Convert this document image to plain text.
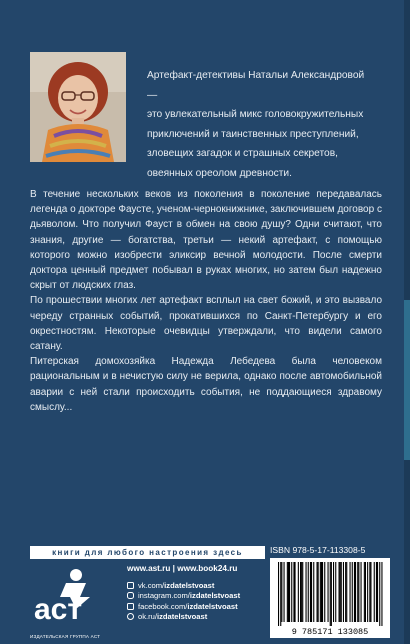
Артефакт-детективы Натальи Александровой —
это увлекательный микс головокружительных
приключений и таинственных преступлений,
зловещих загадок и страшных секретов,
овеянных ореолом древности.

В течение нескольких веков из поколения в поколение передавалась легенда о докторе Фаусте, ученом-чернокнижнике, заключившем договор с дьяволом. Что получил Фауст в обмен на свою душу? Одни считают, что знания, другие — богатства, третьи — некий артефакт, с помощью которого можно изобрести эликсир вечной молодости. После смерти доктора ценный предмет побывал в руках многих, но затем был надежно скрыт от людских глаз.

По прошествии многих лет артефакт всплыл на свет божий, и это вызвало череду странных событий, прокатившихся по Санкт-Петербургу и его окрестностям. Некоторые очевидцы утверждали, что видели самого сатану.

Питерская домохозяйка Надежда Лебедева была человеком рациональным и в нечистую силу не верила, однако после автомобильной аварии с ней стали происходить события, не поддающиеся здравому смыслу...

книги для любого настроения здесь
аст
ИЗДАТЕЛЬСКАЯ ГРУППА АСТ
www.ast.ru | www.book24.ru
vk.com/ izdatelstvoast
instagram.com/ izdatelstvoast
facebook.com/ izdatelstvoast
ok.ru/ izdatelstvoast
ISBN 978-5-17-113308-5
9 785171 133085
